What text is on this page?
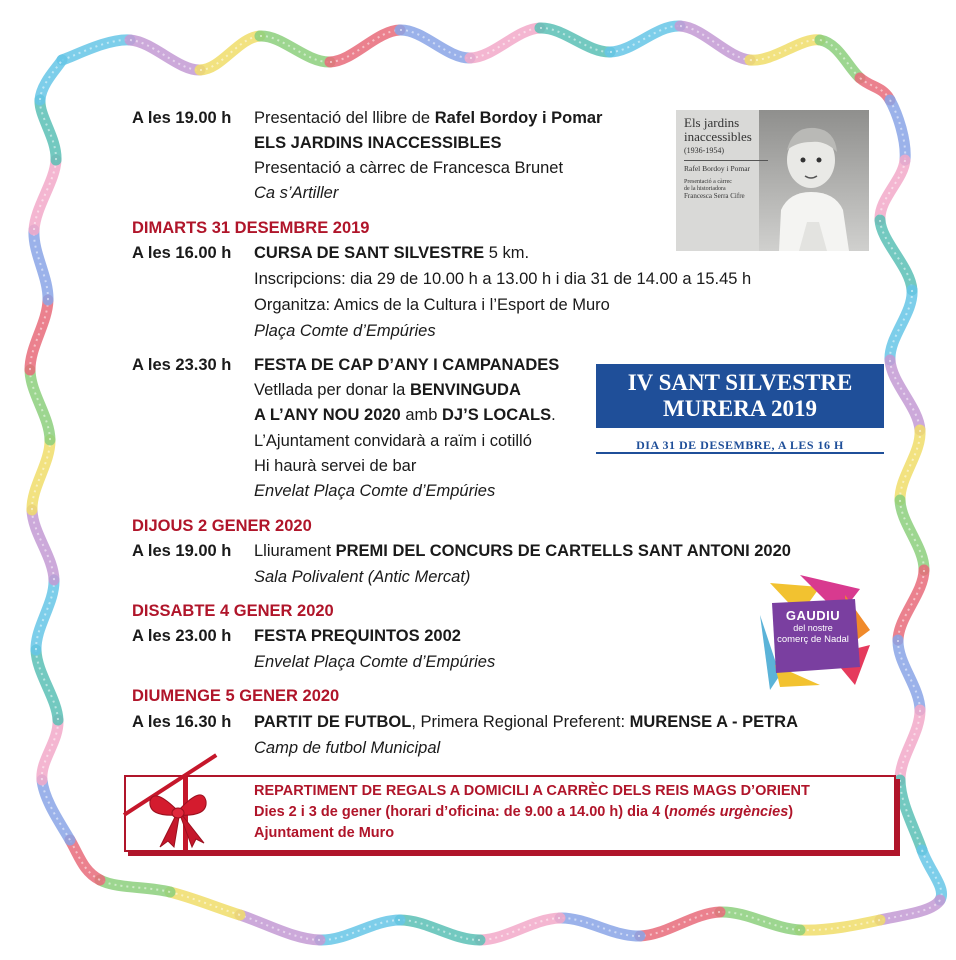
A les 19.00 h Presentació del llibre de Rafel Bordoy i Pomar
ELS JARDINS INACCESSIBLES
Presentació a càrrec de Francesca Brunet
Ca s’Artiller
Els jardins
inaccessibles
(1936-1954)
Rafel Bordoy i Pomar
Presentació a càrrec
de la historiadora
Francesca Serra Cifre
DIMARTS 31 DESEMBRE 2019
A les 16.00 h CURSA DE SANT SILVESTRE 5 km.
Inscripcions: dia 29 de 10.00 h a 13.00 h i dia 31 de 14.00 a 15.45 h
Organitza: Amics de la Cultura i l’Esport de Muro
Plaça Comte d’Empúries
A les 23.30 h FESTA DE CAP D’ANY I CAMPANADES
Vetllada per donar la BENVINGUDA
A L’ANY NOU 2020 amb DJ’S LOCALS.
L’Ajuntament convidarà a raïm i cotilló
Hi haurà servei de bar
Envelat Plaça Comte d’Empúries
IV SANT SILVESTRE
MURERA 2019
DIA 31 DE DESEMBRE, A LES 16 H
DIJOUS 2 GENER 2020
A les 19.00 h Lliurament PREMI DEL CONCURS DE CARTELLS SANT ANTONI 2020
Sala Polivalent (Antic Mercat)
DISSABTE 4 GENER 2020
A les 23.00 h FESTA PREQUINTOS 2002
Envelat Plaça Comte d’Empúries
GAUDIU
del nostre
comerç de Nadal
DIUMENGE 5 GENER 2020
A les 16.30 h PARTIT DE FUTBOL, Primera Regional Preferent: MURENSE A - PETRA
Camp de futbol Municipal
REPARTIMENT DE REGALS A DOMICILI A CARRÈC DELS REIS MAGS D’ORIENT
Dies 2 i 3 de gener (horari d’oficina: de 9.00 a 14.00 h) dia 4 (només urgències)
Ajuntament de Muro
